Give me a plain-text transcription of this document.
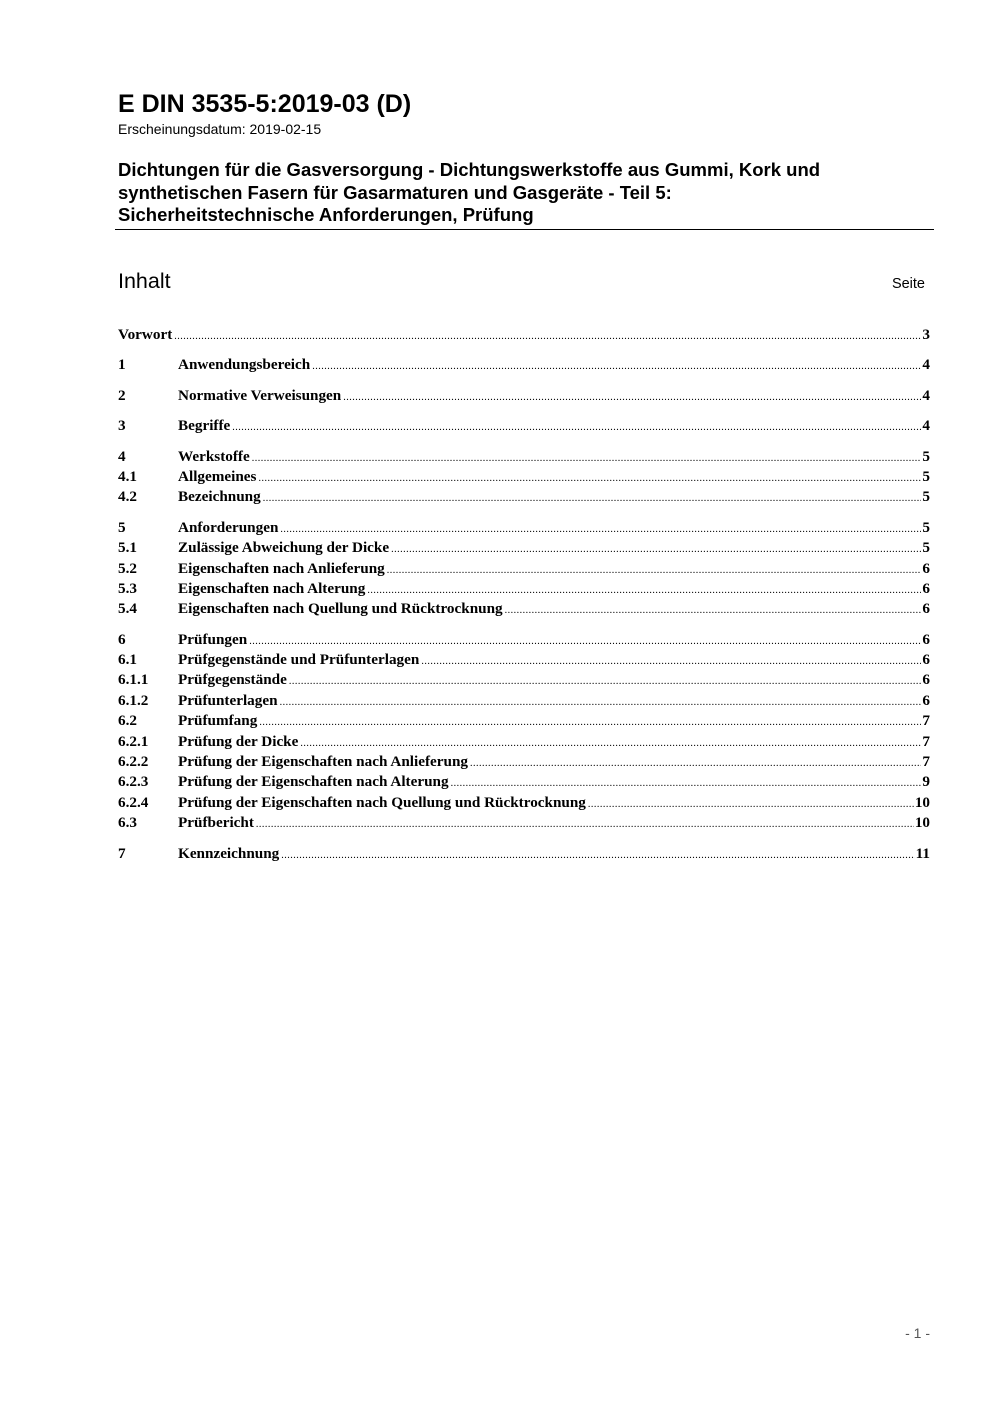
E DIN 3535-5:2019-03 (D)
Erscheinungsdatum: 2019-02-15
Dichtungen für die Gasversorgung - Dichtungswerkstoffe aus Gummi, Kork und
synthetischen Fasern für Gasarmaturen und Gasgeräte - Teil 5:
Sicherheitstechnische Anforderungen, Prüfung
Inhalt	Seite
Vorwort .....	3
1	Anwendungsbereich .....	4
2	Normative Verweisungen .....	4
3	Begriffe .....	4
4	Werkstoffe .....	5
4.1	Allgemeines .....	5
4.2	Bezeichnung .....	5
5	Anforderungen .....	5
5.1	Zulässige Abweichung der Dicke .....	5
5.2	Eigenschaften nach Anlieferung .....	6
5.3	Eigenschaften nach Alterung .....	6
5.4	Eigenschaften nach Quellung und Rücktrocknung .....	6
6	Prüfungen .....	6
6.1	Prüfgegenstände und Prüfunterlagen .....	6
6.1.1	Prüfgegenstände .....	6
6.1.2	Prüfunterlagen .....	6
6.2	Prüfumfang .....	7
6.2.1	Prüfung der Dicke .....	7
6.2.2	Prüfung der Eigenschaften nach Anlieferung .....	7
6.2.3	Prüfung der Eigenschaften nach Alterung .....	9
6.2.4	Prüfung der Eigenschaften nach Quellung und Rücktrocknung .....	10
6.3	Prüfbericht .....	10
7	Kennzeichnung .....	11
- 1 -
